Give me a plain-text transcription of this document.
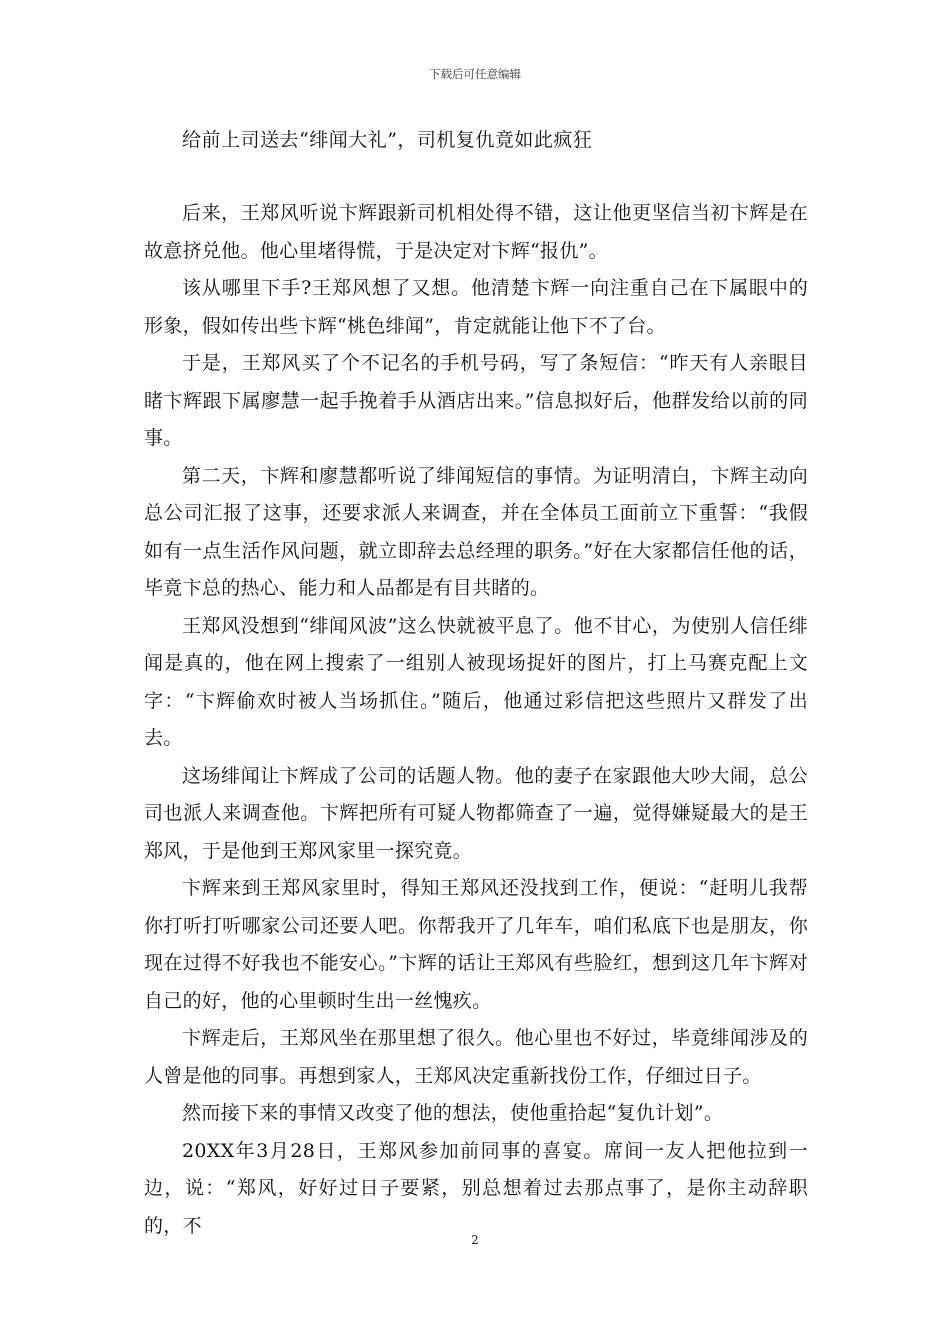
下载后可任意编辑

给前上司送去“绯闻大礼”，司机复仇竟如此疯狂

后来，王郑风听说卞辉跟新司机相处得不错，这让他更坚信当初卞辉是在故意挤兑他。他心里堵得慌，于是决定对卞辉“报仇”。

该从哪里下手?王郑风想了又想。他清楚卞辉一向注重自己在下属眼中的形象，假如传出些卞辉“桃色绯闻”，肯定就能让他下不了台。

于是，王郑风买了个不记名的手机号码，写了条短信：“昨天有人亲眼目睹卞辉跟下属廖慧一起手挽着手从酒店出来。”信息拟好后，他群发给以前的同事。

第二天，卞辉和廖慧都听说了绯闻短信的事情。为证明清白，卞辉主动向总公司汇报了这事，还要求派人来调查，并在全体员工面前立下重誓：“我假如有一点生活作风问题，就立即辞去总经理的职务。”好在大家都信任他的话，毕竟卞总的热心、能力和人品都是有目共睹的。

王郑风没想到“绯闻风波”这么快就被平息了。他不甘心，为使别人信任绯闻是真的，他在网上搜索了一组别人被现场捉奸的图片，打上马赛克配上文字：“卞辉偷欢时被人当场抓住。”随后，他通过彩信把这些照片又群发了出去。

这场绯闻让卞辉成了公司的话题人物。他的妻子在家跟他大吵大闹，总公司也派人来调查他。卞辉把所有可疑人物都筛查了一遍，觉得嫌疑最大的是王郑风，于是他到王郑风家里一探究竟。

卞辉来到王郑风家里时，得知王郑风还没找到工作，便说：“赶明儿我帮你打听打听哪家公司还要人吧。你帮我开了几年车，咱们私底下也是朋友，你现在过得不好我也不能安心。”卞辉的话让王郑风有些脸红，想到这几年卞辉对自己的好，他的心里顿时生出一丝愧疚。

卞辉走后，王郑风坐在那里想了很久。他心里也不好过，毕竟绯闻涉及的人曾是他的同事。再想到家人，王郑风决定重新找份工作，仔细过日子。

然而接下来的事情又改变了他的想法，使他重拾起“复仇计划”。

20XX年3月28日，王郑风参加前同事的喜宴。席间一友人把他拉到一边，说：“郑风，好好过日子要紧，别总想着过去那点事了，是你主动辞职的，不

2
